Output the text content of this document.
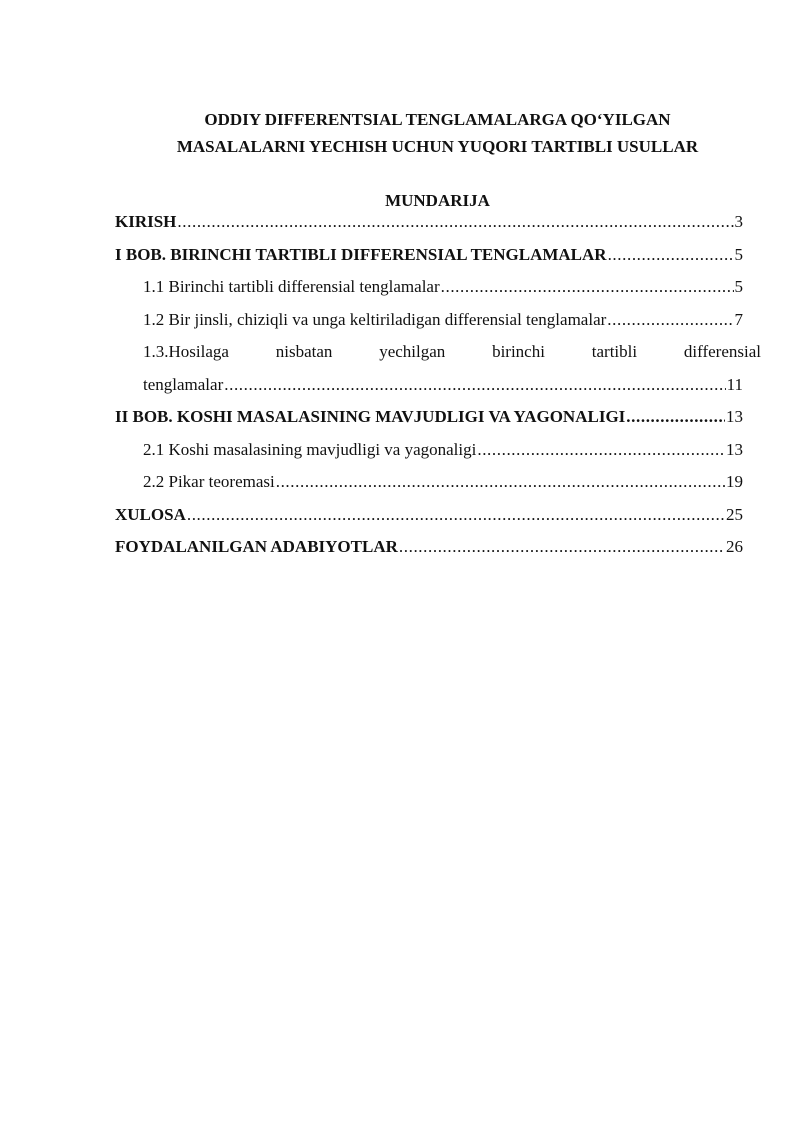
ODDIY DIFFERENTSIAL TENGLAMALARGA QO‘YILGAN
MASALALARNI YECHISH UCHUN YUQORI TARTIBLI USULLAR
MUNDARIJA
KIRISH .....	3
I BOB. BIRINCHI TARTIBLI DIFFERENSIAL TENGLAMALAR .....	5
1.1 Birinchi tartibli differensial tenglamalar .....	5
1.2 Bir jinsli, chiziqli va unga keltiriladigan differensial tenglamalar .....	7
1.3.Hosilaga	nisbatan	yechilgan	birinchi	tartibli	differensial
tenglamalar .....	11
II BOB. KOSHI MASALASINING MAVJUDLIGI VA YAGONALIGI .....	13
2.1 Koshi masalasining mavjudligi va yagonaligi .....	13
2.2 Pikar teoremasi .....	19
XULOSA .....	25
FOYDALANILGAN ADABIYOTLAR .....	26
